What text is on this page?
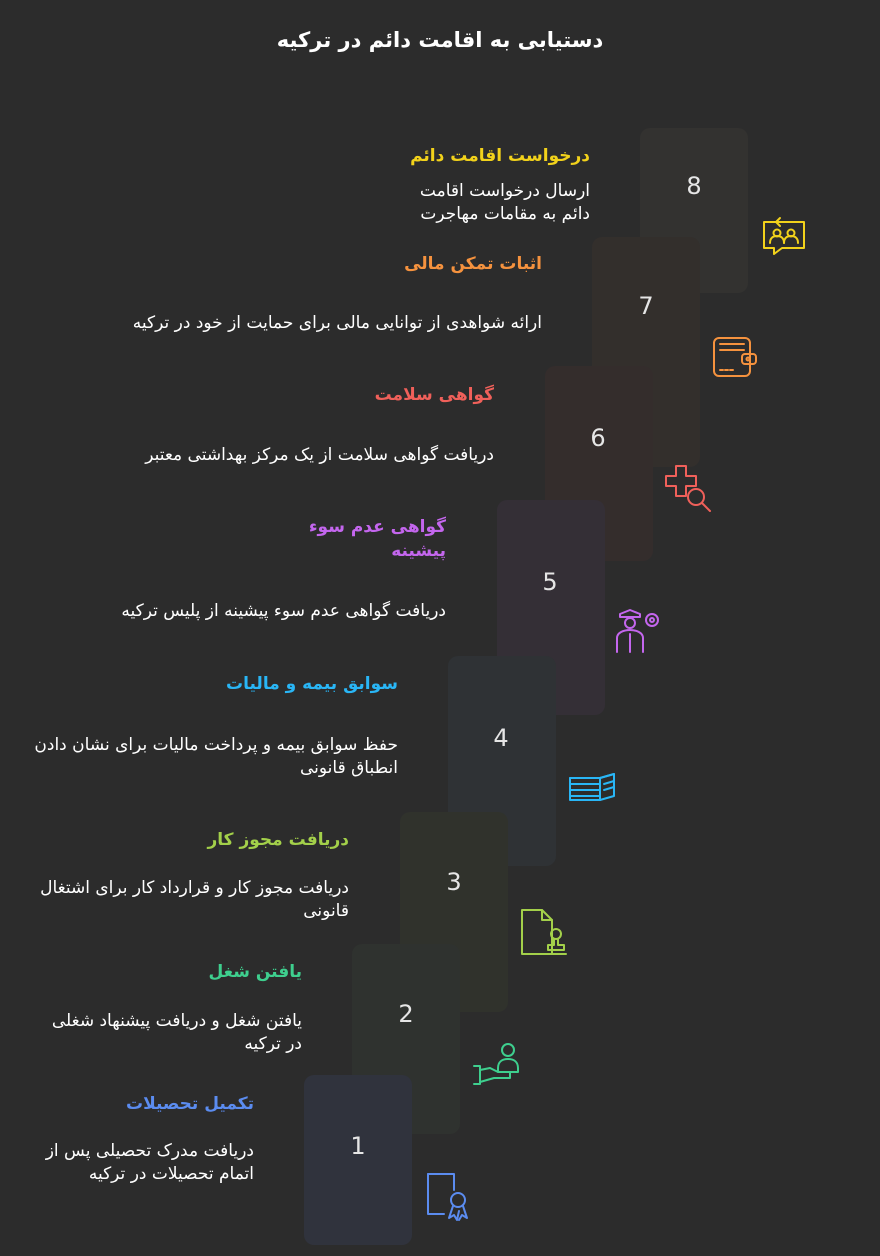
دستیابی به اقامت دائم در ترکیه
8
7
6
5
4
3
2
1
درخواست اقامت دائم
ارسال درخواست اقامت دائم به مقامات مهاجرت
اثبات تمکن مالی
ارائه شواهدی از توانایی مالی برای حمایت از خود در ترکیه
گواهی سلامت
دریافت گواهی سلامت از یک مرکز بهداشتی معتبر
گواهی عدم سوء پیشینه
دریافت گواهی عدم سوء پیشینه از پلیس ترکیه
سوابق بیمه و مالیات
حفظ سوابق بیمه و پرداخت مالیات برای نشان دادن انطباق قانونی
دریافت مجوز کار
دریافت مجوز کار و قرارداد کار برای اشتغال قانونی
یافتن شغل
یافتن شغل و دریافت پیشنهاد شغلی در ترکیه
تکمیل تحصیلات
دریافت مدرک تحصیلی پس از اتمام تحصیلات در ترکیه
